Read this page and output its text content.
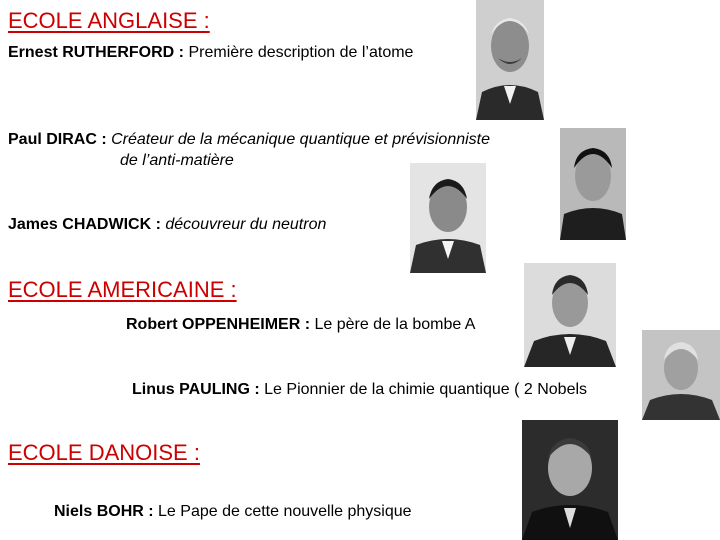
ECOLE ANGLAISE :
Ernest RUTHERFORD : Première description de l’atome
Paul DIRAC : Créateur de la mécanique quantique et prévisionniste
de l’anti-matière
James CHADWICK : découvreur du neutron
ECOLE AMERICAINE :
Robert OPPENHEIMER : Le père de la bombe A
Linus PAULING : Le Pionnier de la chimie quantique ( 2 Nobels
ECOLE DANOISE :
Niels BOHR : Le Pape de cette nouvelle physique
